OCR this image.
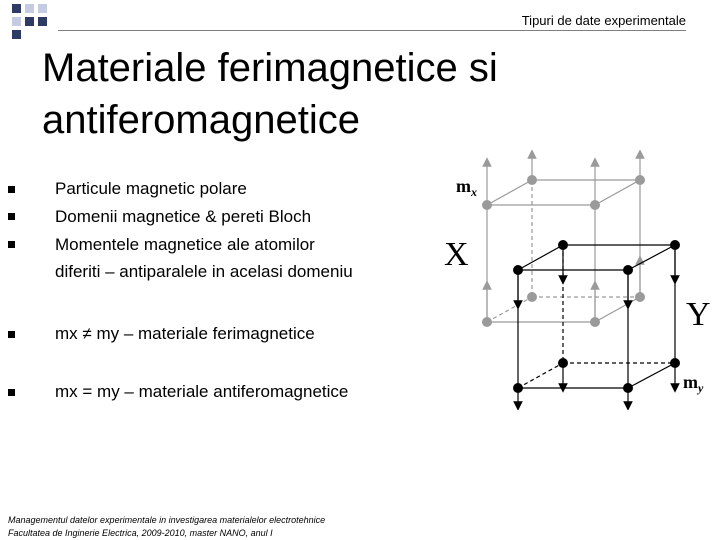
Tipuri de date experimentale
Materiale ferimagnetice si
antiferomagnetice
Particule magnetic polare
Domenii magnetice & pereti Bloch
Momentele magnetice ale atomilor
diferiti – antiparalele in acelasi domeniu
mx ≠ my – materiale ferimagnetice
mx = my – materiale antiferomagnetice
Managementul datelor experimentale in investigarea materialelor electrotehnice
Facultatea de Inginerie Electrica, 2009-2010, master NANO, anul I
$m_x$
X
Y
$m_y$
